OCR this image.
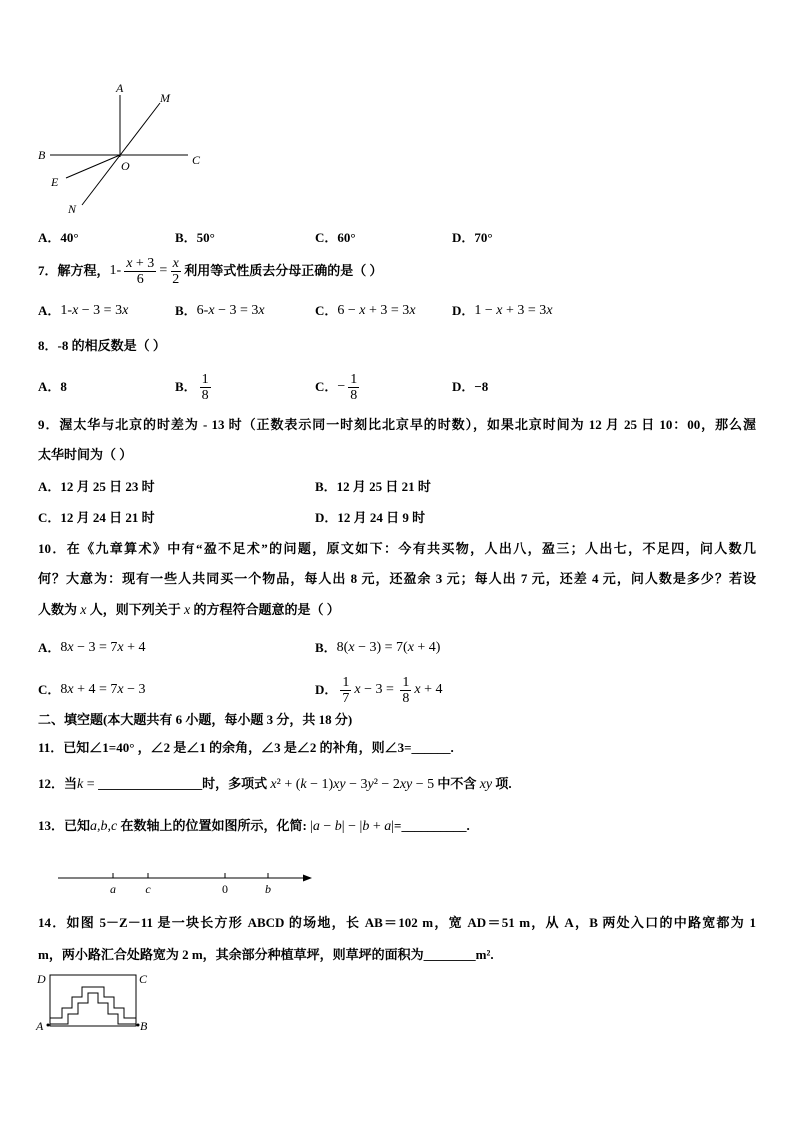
A
M
B
O	C
E
N
A．40°	B．50°	C．60°	D．70°
7．解方程， $1- \frac{x + 3}{6} = \frac{x}{2}$ 利用等式性质去分母正确的是（ ）
A． 1-x − 3 = 3x	B． 6-x − 3 = 3x	C． 6 − x + 3 = 3x	D． 1 − x + 3 = 3x
8．-8 的相反数是（ ）
A． 8	B． $\frac{1}{8}$	C． − $\frac{1}{8}$	D． −8
9．渥太华与北京的时差为 - 13 时（正数表示同一时刻比北京早的时数），如果北京时间为 12 月 25 日 10：00，那么渥
太华时间为（ ）
A．12 月 25 日 23 时	B．12 月 25 日 21 时
C．12 月 24 日 21 时	D．12 月 24 日 9 时
10．在《九章算术》中有“盈不足术”的问题，原文如下：今有共买物，人出八，盈三；人出七，不足四，问人数几
何？大意为：现有一些人共同买一个物品，每人出 8 元，还盈余 3 元；每人出 7 元，还差 4 元，问人数是多少？若设
人数为 x 人，则下列关于 x 的方程符合题意的是（ ）
A． 8x − 3 = 7x + 4	B． 8(x − 3) = 7(x + 4)
C． 8x + 4 = 7x − 3	D． $\frac{1}{7}$ $x - 3 = \frac{1}{8}$ x + 4
二、填空题(本大题共有 6 小题，每小题 3 分，共 18 分)
11．已知∠1=40° ，∠2 是∠1 的余角，∠3 是∠2 的补角，则∠3=______.
12．当k = ________________时，多项式 x² + (k − 1)xy − 3y² − 2xy − 5 中不含 xy 项.
13．已知a,b,c 在数轴上的位置如图所示，化简: |a − b| − |b + a|=__________.
a c	0	b
14．如图 5－Z－11 是一块长方形 ABCD 的场地，长 AB＝102 m，宽 AD＝51 m，从 A，B 两处入口的中路宽都为 1
m，两小路汇合处路宽为 2 m，其余部分种植草坪，则草坪的面积为________m².
D	C
A	B
